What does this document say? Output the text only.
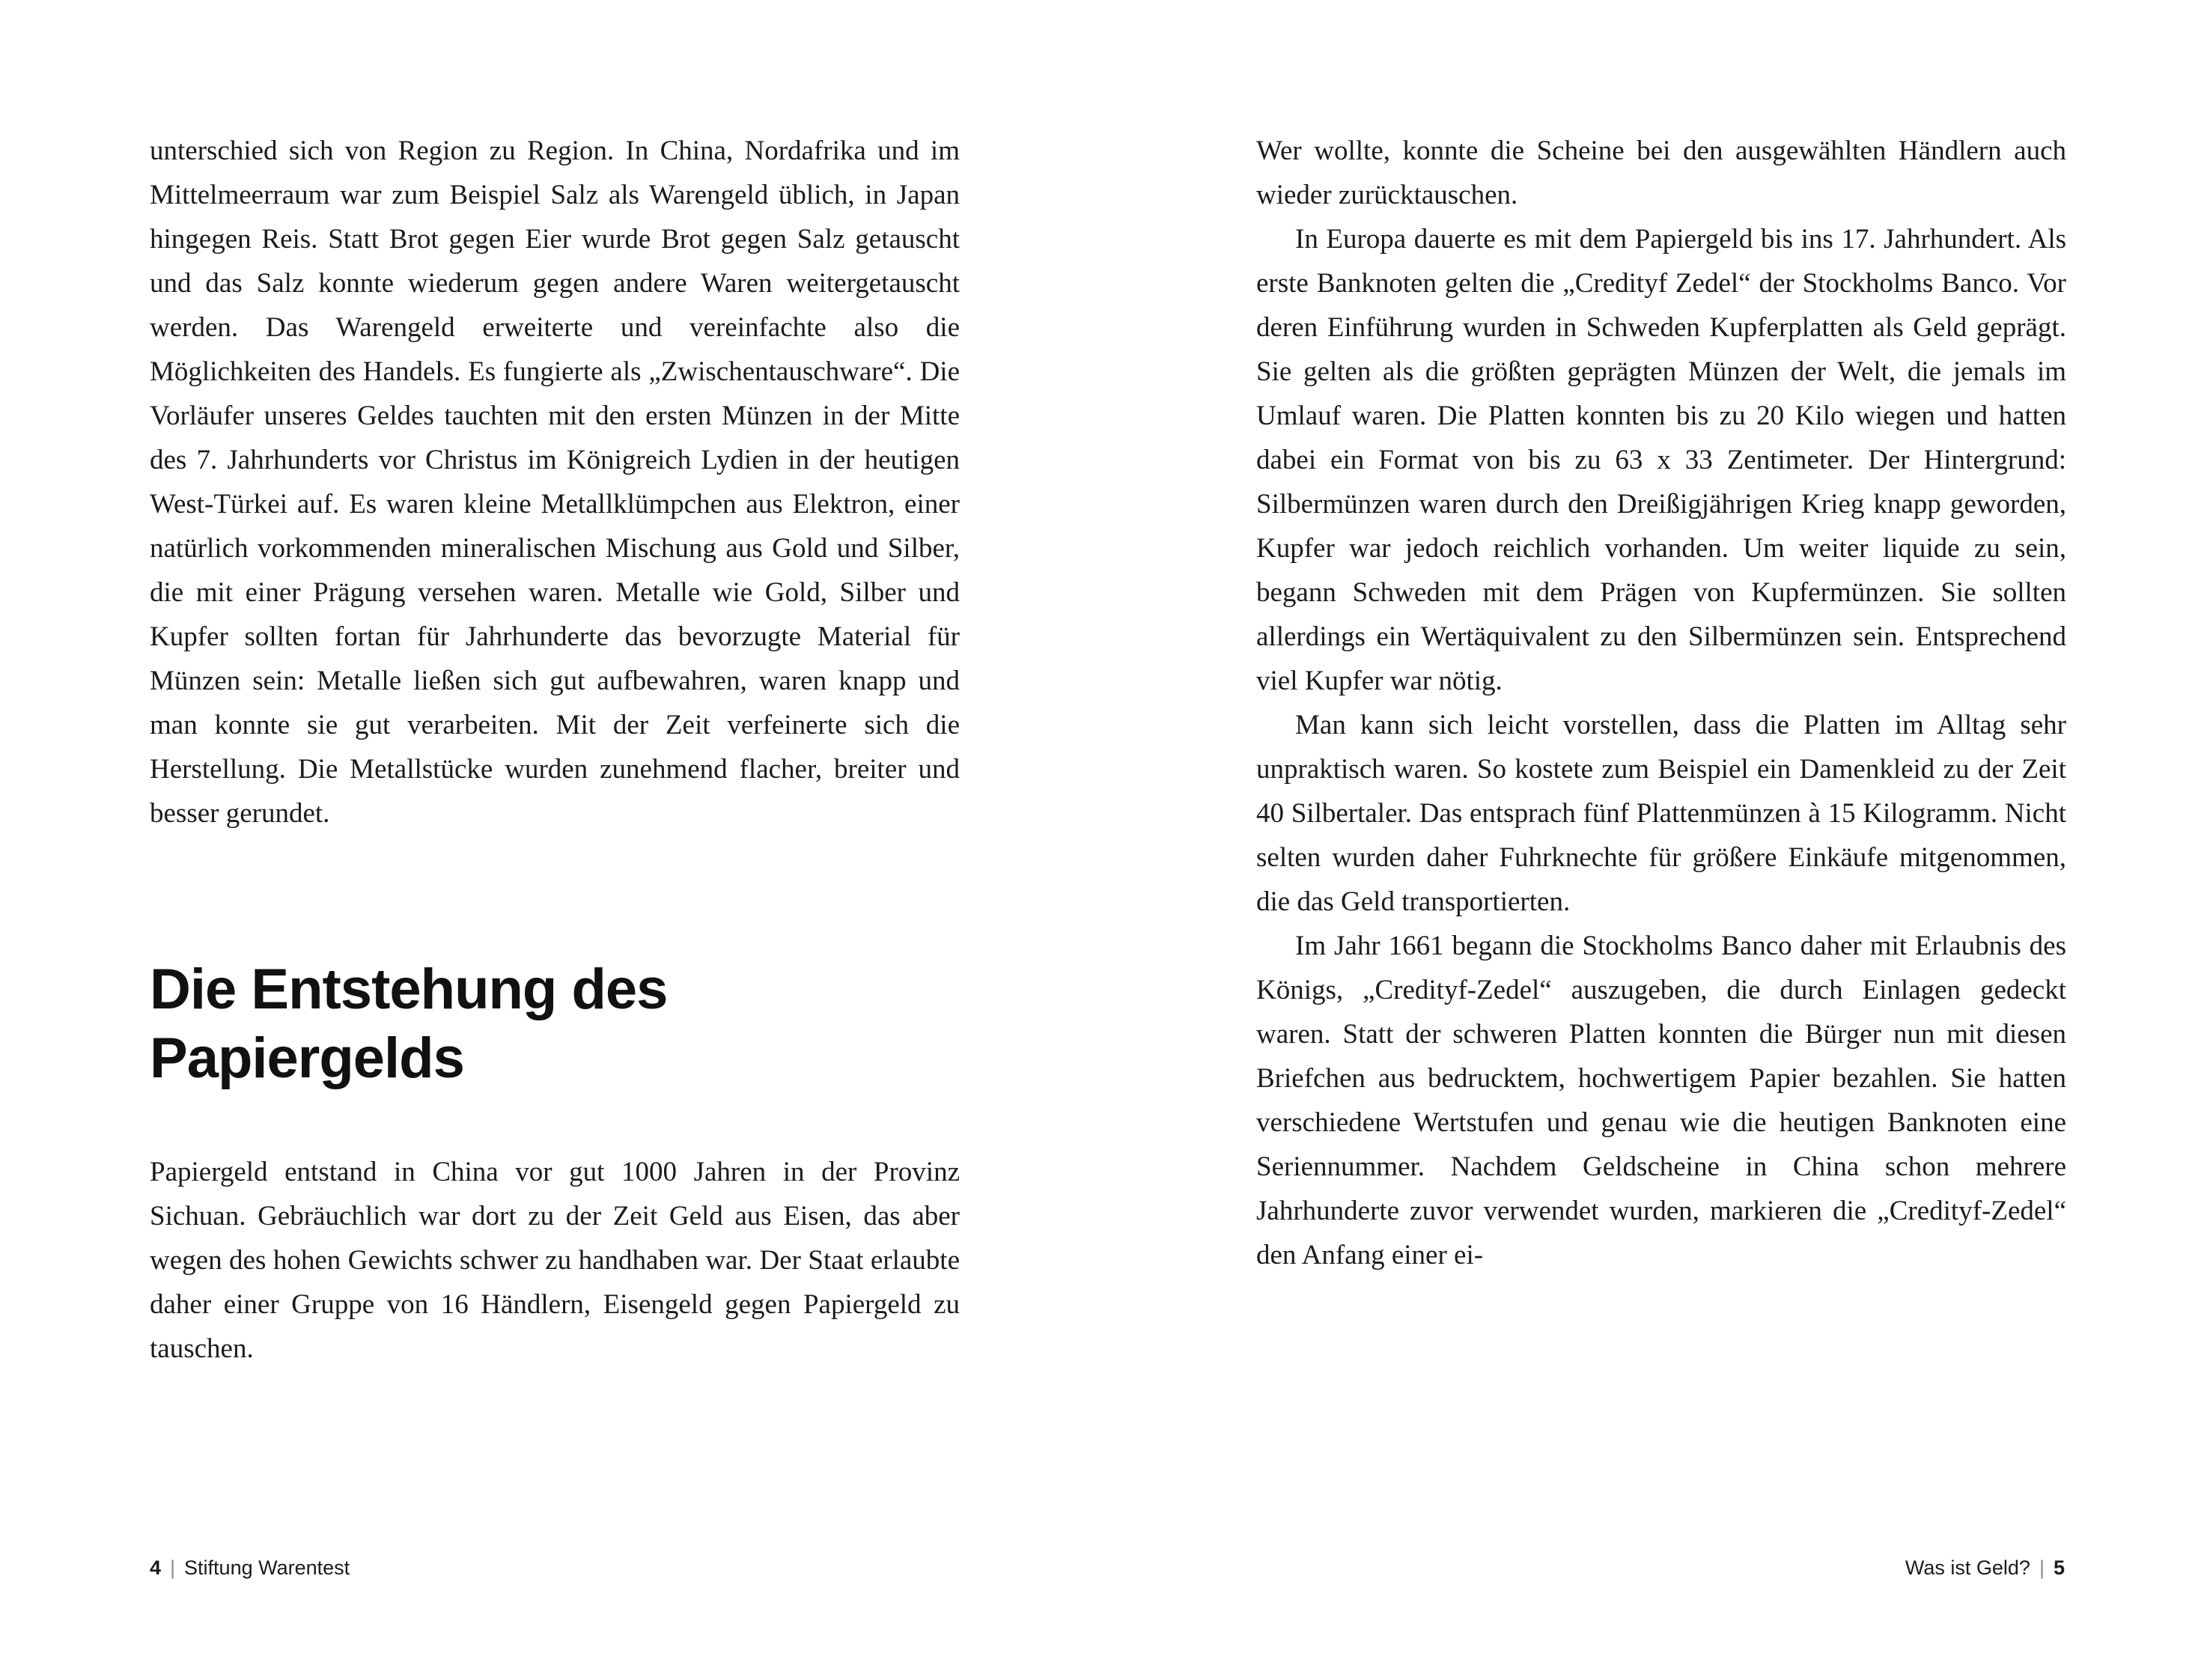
unterschied sich von Region zu Region. In China, Nordafrika und im Mittelmeerraum war zum Beispiel Salz als Warengeld üblich, in Japan hingegen Reis. Statt Brot gegen Eier wurde Brot gegen Salz getauscht und das Salz konnte wiederum gegen andere Waren weitergetauscht werden. Das Warengeld erweiterte und vereinfachte also die Möglichkeiten des Handels. Es fungierte als „Zwischentauschware“. Die Vorläufer unseres Geldes tauchten mit den ersten Münzen in der Mitte des 7. Jahrhunderts vor Christus im Königreich Lydien in der heutigen West-Türkei auf. Es waren kleine Metallklümpchen aus Elektron, einer natürlich vorkommenden mineralischen Mischung aus Gold und Silber, die mit einer Prägung versehen waren. Metalle wie Gold, Silber und Kupfer sollten fortan für Jahrhunderte das bevorzugte Material für Münzen sein: Metalle ließen sich gut aufbewahren, waren knapp und man konnte sie gut verarbeiten. Mit der Zeit verfeinerte sich die Herstellung. Die Metallstücke wurden zunehmend flacher, breiter und besser gerundet.

Die Entstehung des Papiergelds

Papiergeld entstand in China vor gut 1000 Jahren in der Provinz Sichuan. Gebräuchlich war dort zu der Zeit Geld aus Eisen, das aber wegen des hohen Gewichts schwer zu handhaben war. Der Staat erlaubte daher einer Gruppe von 16 Händlern, Eisengeld gegen Papiergeld zu tauschen.

Wer wollte, konnte die Scheine bei den ausgewählten Händlern auch wieder zurücktauschen.

In Europa dauerte es mit dem Papiergeld bis ins 17. Jahrhundert. Als erste Banknoten gelten die „Credityf Zedel“ der Stockholms Banco. Vor deren Einführung wurden in Schweden Kupferplatten als Geld geprägt. Sie gelten als die größten geprägten Münzen der Welt, die jemals im Umlauf waren. Die Platten konnten bis zu 20 Kilo wiegen und hatten dabei ein Format von bis zu 63 x 33 Zentimeter. Der Hintergrund: Silbermünzen waren durch den Dreißigjährigen Krieg knapp geworden, Kupfer war jedoch reichlich vorhanden. Um weiter liquide zu sein, begann Schweden mit dem Prägen von Kupfermünzen. Sie sollten allerdings ein Wertäquivalent zu den Silbermünzen sein. Entsprechend viel Kupfer war nötig.

Man kann sich leicht vorstellen, dass die Platten im Alltag sehr unpraktisch waren. So kostete zum Beispiel ein Damenkleid zu der Zeit 40 Silbertaler. Das entsprach fünf Plattenmünzen à 15 Kilogramm. Nicht selten wurden daher Fuhrknechte für größere Einkäufe mitgenommen, die das Geld transportierten.

Im Jahr 1661 begann die Stockholms Banco daher mit Erlaubnis des Königs, „Credityf-Zedel“ auszugeben, die durch Einlagen gedeckt waren. Statt der schweren Platten konnten die Bürger nun mit diesen Briefchen aus bedrucktem, hochwertigem Papier bezahlen. Sie hatten verschiedene Wertstufen und genau wie die heutigen Banknoten eine Seriennummer. Nachdem Geldscheine in China schon mehrere Jahrhunderte zuvor verwendet wurden, markieren die „Credityf-Zedel“ den Anfang einer ei-

4 | Stiftung Warentest	Was ist Geld? | 5
